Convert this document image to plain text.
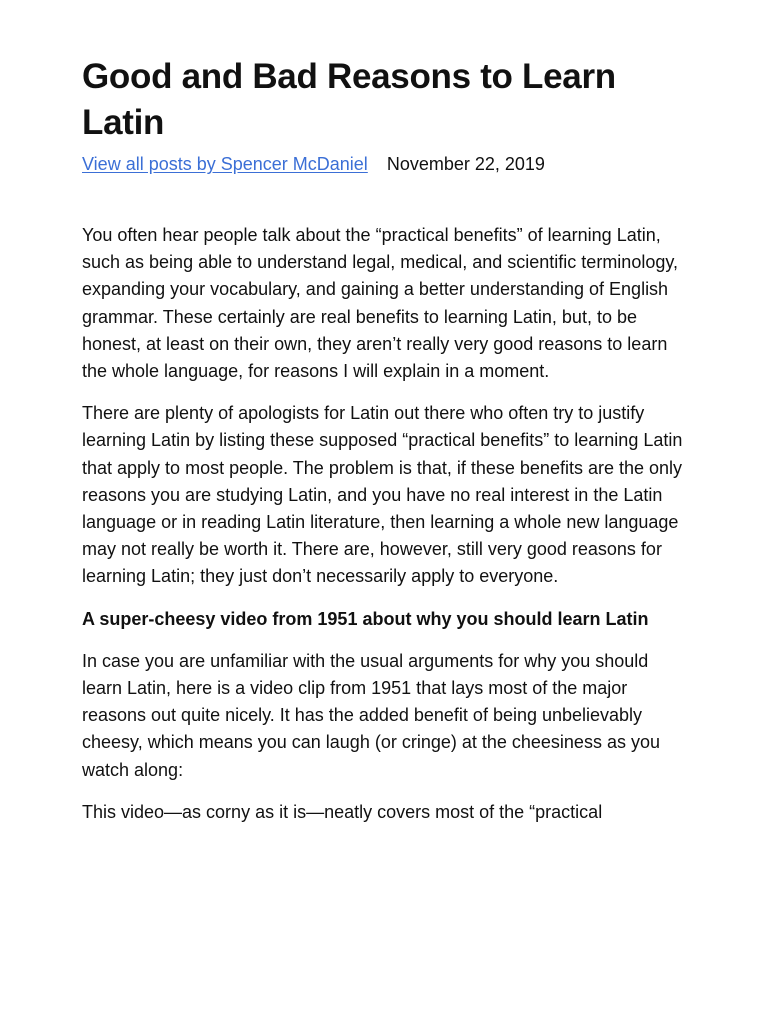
Good and Bad Reasons to Learn Latin
View all posts by Spencer McDaniel November 22, 2019

You often hear people talk about the “practical benefits” of learning Latin, such as being able to understand legal, medical, and scientific terminology, expanding your vocabulary, and gaining a better understanding of English grammar. These certainly are real benefits to learning Latin, but, to be honest, at least on their own, they aren’t really very good reasons to learn the whole language, for reasons I will explain in a moment.

There are plenty of apologists for Latin out there who often try to justify learning Latin by listing these supposed “practical benefits” to learning Latin that apply to most people. The problem is that, if these benefits are the only reasons you are studying Latin, and you have no real interest in the Latin language or in reading Latin literature, then learning a whole new language may not really be worth it. There are, however, still very good reasons for learning Latin; they just don’t necessarily apply to everyone.

A super-cheesy video from 1951 about why you should learn Latin

In case you are unfamiliar with the usual arguments for why you should learn Latin, here is a video clip from 1951 that lays most of the major reasons out quite nicely. It has the added benefit of being unbelievably cheesy, which means you can laugh (or cringe) at the cheesiness as you watch along:

This video—as corny as it is—neatly covers most of the “practical
